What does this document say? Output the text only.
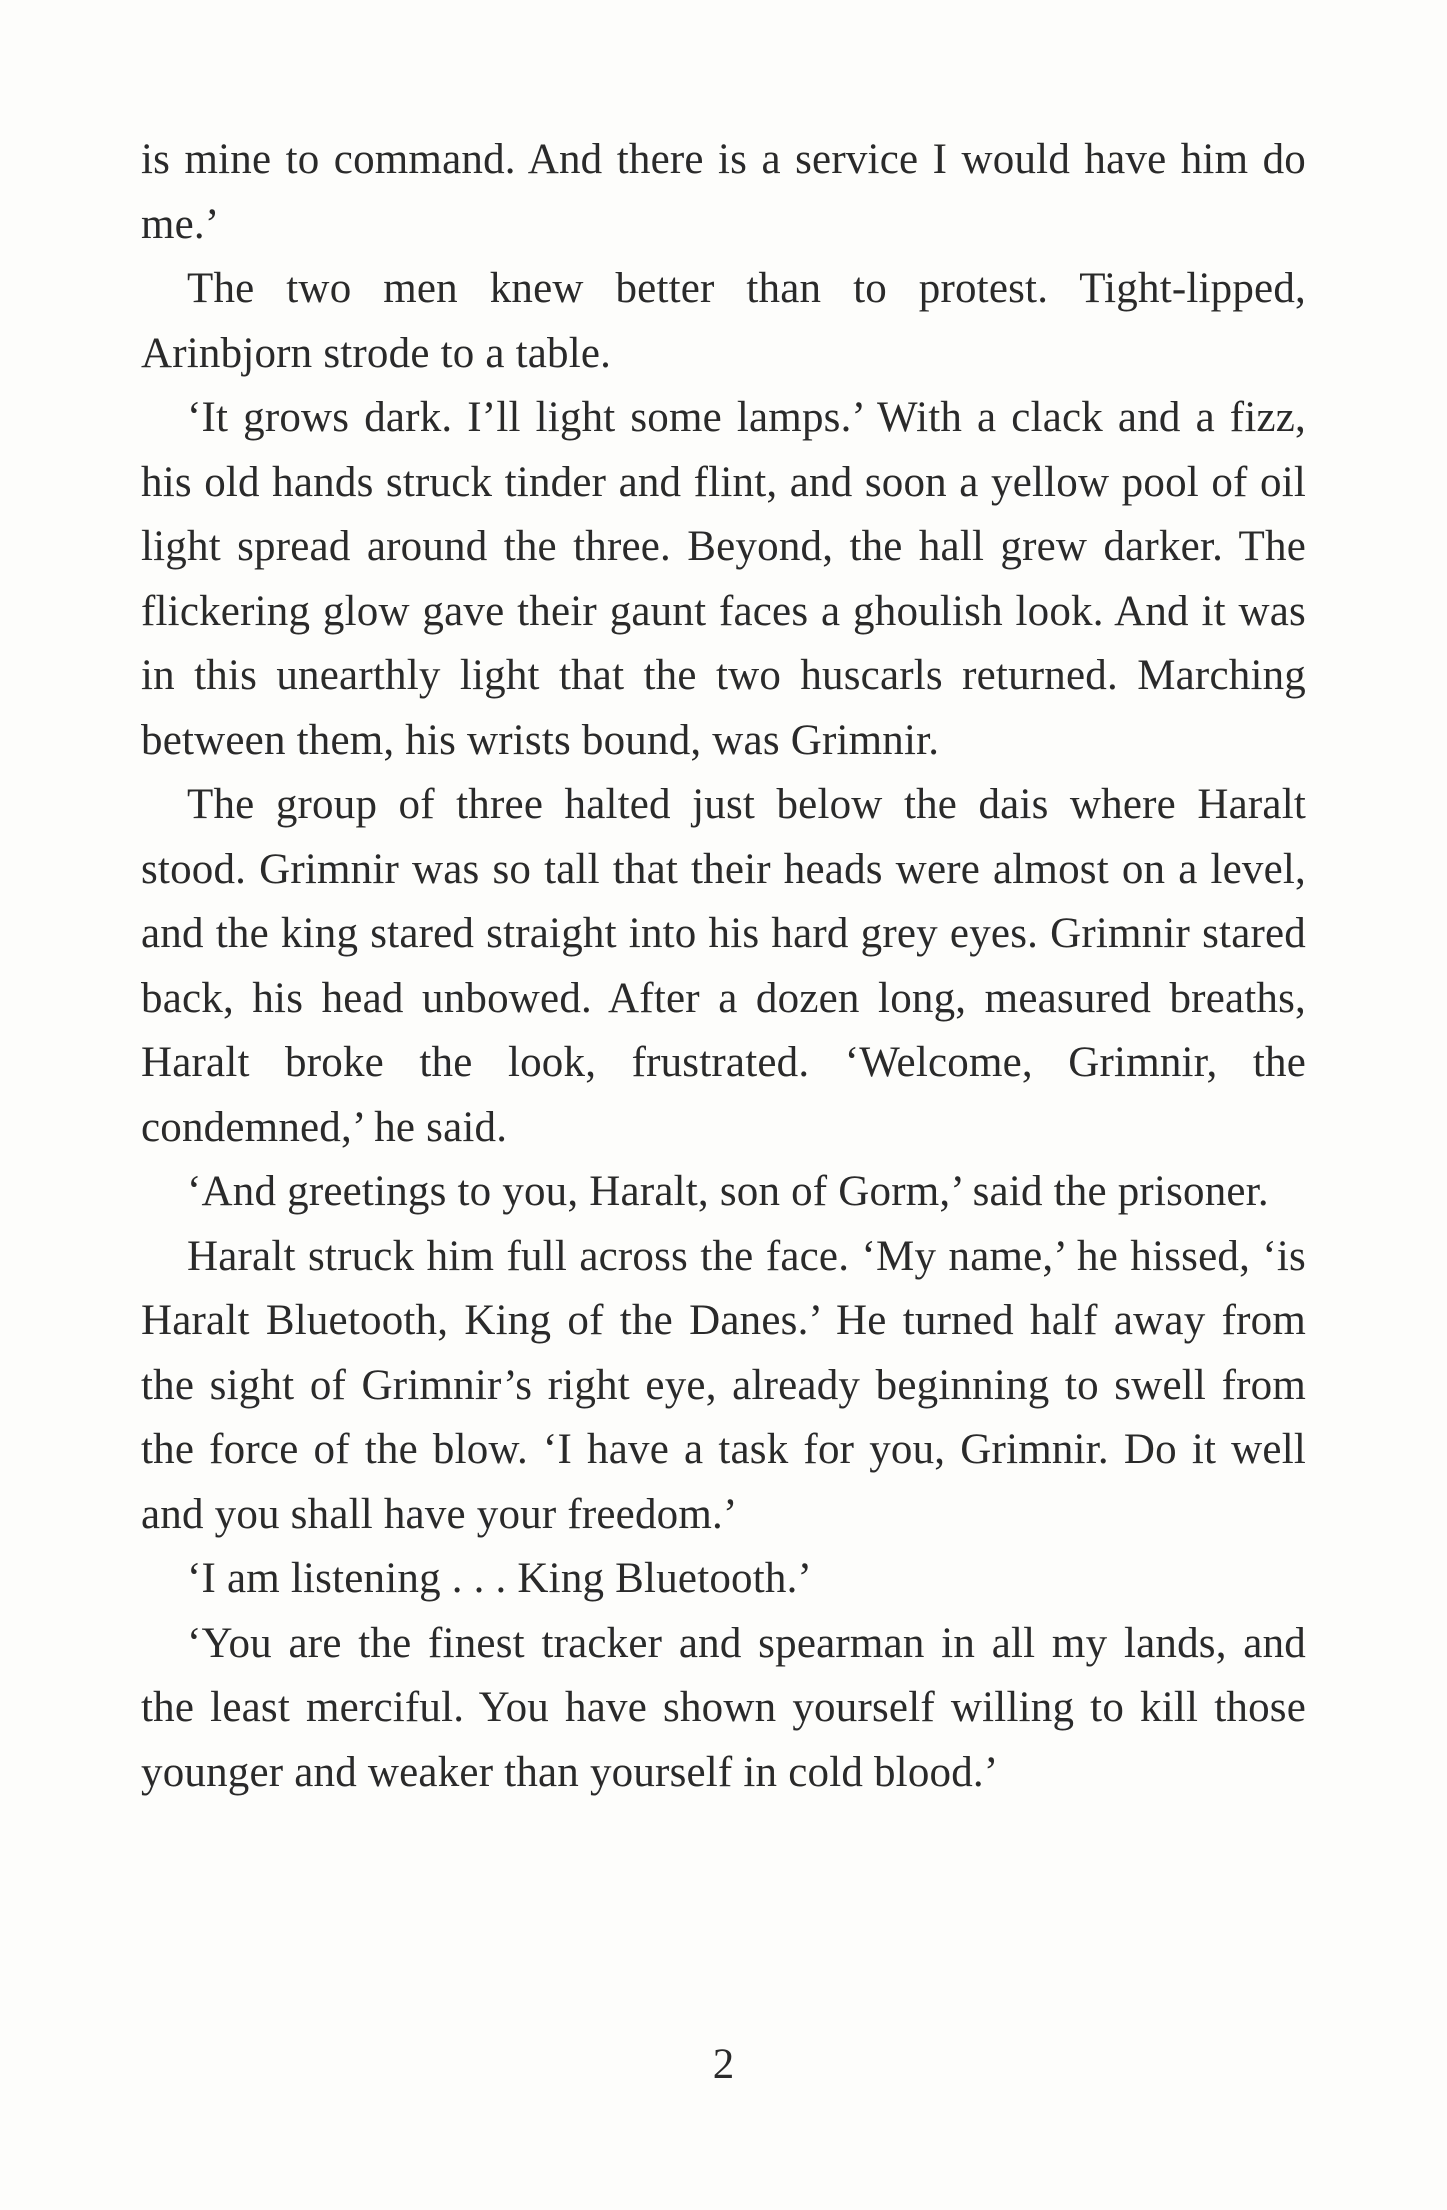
is mine to command. And there is a service I would have him do me.’

The two men knew better than to protest. Tight-lipped, Arinbjorn strode to a table.

‘It grows dark. I’ll light some lamps.’ With a clack and a fizz, his old hands struck tinder and flint, and soon a yellow pool of oil light spread around the three. Beyond, the hall grew darker. The flickering glow gave their gaunt faces a ghoulish look. And it was in this unearthly light that the two huscarls returned. Marching between them, his wrists bound, was Grimnir.

The group of three halted just below the dais where Haralt stood. Grimnir was so tall that their heads were almost on a level, and the king stared straight into his hard grey eyes. Grimnir stared back, his head unbowed. After a dozen long, measured breaths, Haralt broke the look, frustrated. ‘Welcome, Grimnir, the condemned,’ he said.

‘And greetings to you, Haralt, son of Gorm,’ said the prisoner.

Haralt struck him full across the face. ‘My name,’ he hissed, ‘is Haralt Bluetooth, King of the Danes.’ He turned half away from the sight of Grimnir’s right eye, already beginning to swell from the force of the blow. ‘I have a task for you, Grimnir. Do it well and you shall have your freedom.’

‘I am listening . . . King Bluetooth.’

‘You are the finest tracker and spearman in all my lands, and the least merciful. You have shown yourself willing to kill those younger and weaker than yourself in cold blood.’

2
